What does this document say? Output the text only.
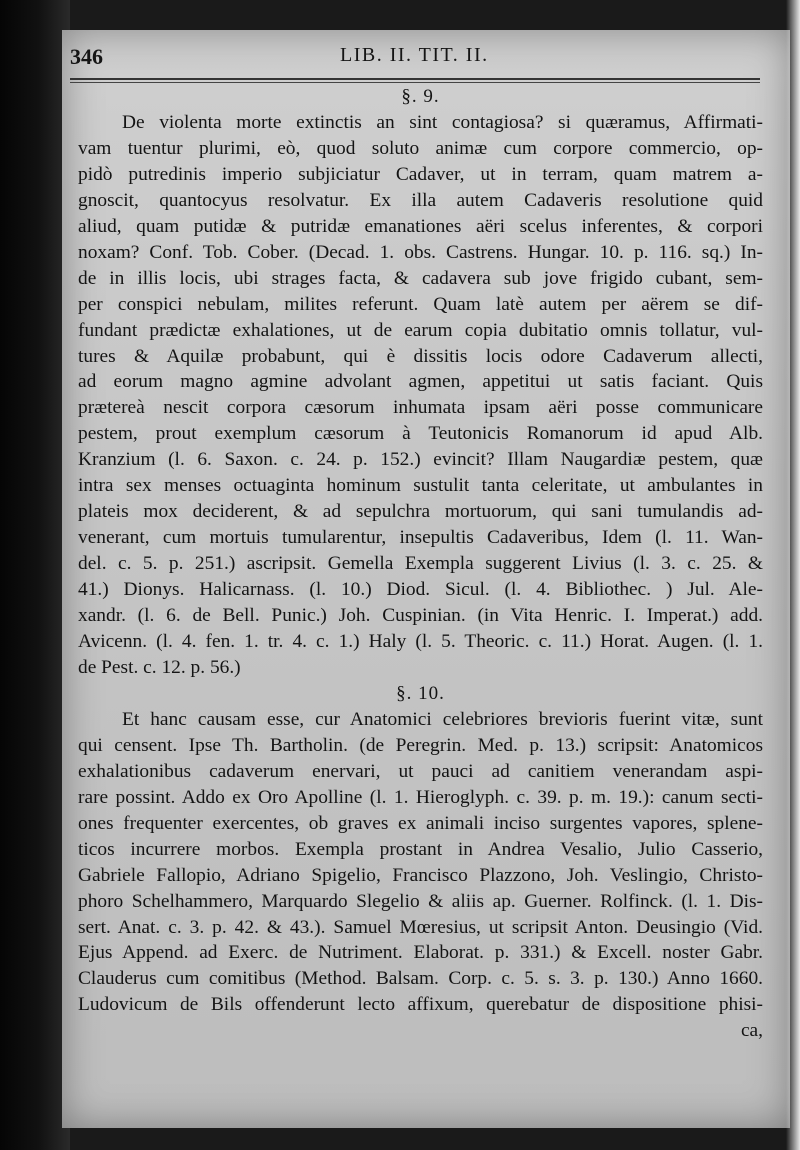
346	LIB. II. TIT. II.
§. 9.
De violenta morte extinctis an sint contagiosa? si quæramus, Affirmati-
vam tuentur plurimi, eò, quod soluto animæ cum corpore commercio, op-
pidò putredinis imperio subjiciatur Cadaver, ut in terram, quam matrem a-
gnoscit, quantocyus resolvatur. Ex illa autem Cadaveris resolutione quid
aliud, quam putidæ & putridæ emanationes aëri scelus inferentes, & corpori
noxam? Conf. Tob. Cober. (Decad. 1. obs. Castrens. Hungar. 10. p. 116. sq.) In-
de in illis locis, ubi strages facta, & cadavera sub jove frigido cubant, sem-
per conspici nebulam, milites referunt. Quam latè autem per aërem se dif-
fundant prædictæ exhalationes, ut de earum copia dubitatio omnis tollatur, vul-
tures & Aquilæ probabunt, qui è dissitis locis odore Cadaverum allecti,
ad eorum magno agmine advolant agmen, appetitui ut satis faciant. Quis
prætereà nescit corpora cæsorum inhumata ipsam aëri posse communicare
pestem, prout exemplum cæsorum à Teutonicis Romanorum id apud Alb.
Kranzium (l. 6. Saxon. c. 24. p. 152.) evincit? Illam Naugardiæ pestem, quæ
intra sex menses octuaginta hominum sustulit tanta celeritate, ut ambulantes in
plateis mox deciderent, & ad sepulchra mortuorum, qui sani tumulandis ad-
venerant, cum mortuis tumularentur, insepultis Cadaveribus, Idem (l. 11. Wan-
del. c. 5. p. 251.) ascripsit. Gemella Exempla suggerent Livius (l. 3. c. 25. &
41.) Dionys. Halicarnass. (l. 10.) Diod. Sicul. (l. 4. Bibliothec. ) Jul. Ale-
xandr. (l. 6. de Bell. Punic.) Joh. Cuspinian. (in Vita Henric. I. Imperat.) add.
Avicenn. (l. 4. fen. 1. tr. 4. c. 1.) Haly (l. 5. Theoric. c. 11.) Horat. Augen. (l. 1.
de Pest. c. 12. p. 56.)
§. 10.
Et hanc causam esse, cur Anatomici celebriores brevioris fuerint vitæ, sunt
qui censent. Ipse Th. Bartholin. (de Peregrin. Med. p. 13.) scripsit: Anatomicos
exhalationibus cadaverum enervari, ut pauci ad canitiem venerandam aspi-
rare possint. Addo ex Oro Apolline (l. 1. Hieroglyph. c. 39. p. m. 19.): canum secti-
ones frequenter exercentes, ob graves ex animali inciso surgentes vapores, splene-
ticos incurrere morbos. Exempla prostant in Andrea Vesalio, Julio Casserio,
Gabriele Fallopio, Adriano Spigelio, Francisco Plazzono, Joh. Veslingio, Christo-
phoro Schelhammero, Marquardo Slegelio & aliis ap. Guerner. Rolfinck. (l. 1. Dis-
sert. Anat. c. 3. p. 42. & 43.). Samuel Mœresius, ut scripsit Anton. Deusingio (Vid.
Ejus Append. ad Exerc. de Nutriment. Elaborat. p. 331.) & Excell. noster Gabr.
Clauderus cum comitibus (Method. Balsam. Corp. c. 5. s. 3. p. 130.) Anno 1660.
Ludovicum de Bils offenderunt lecto affixum, querebatur de dispositione phisi-
ca,
